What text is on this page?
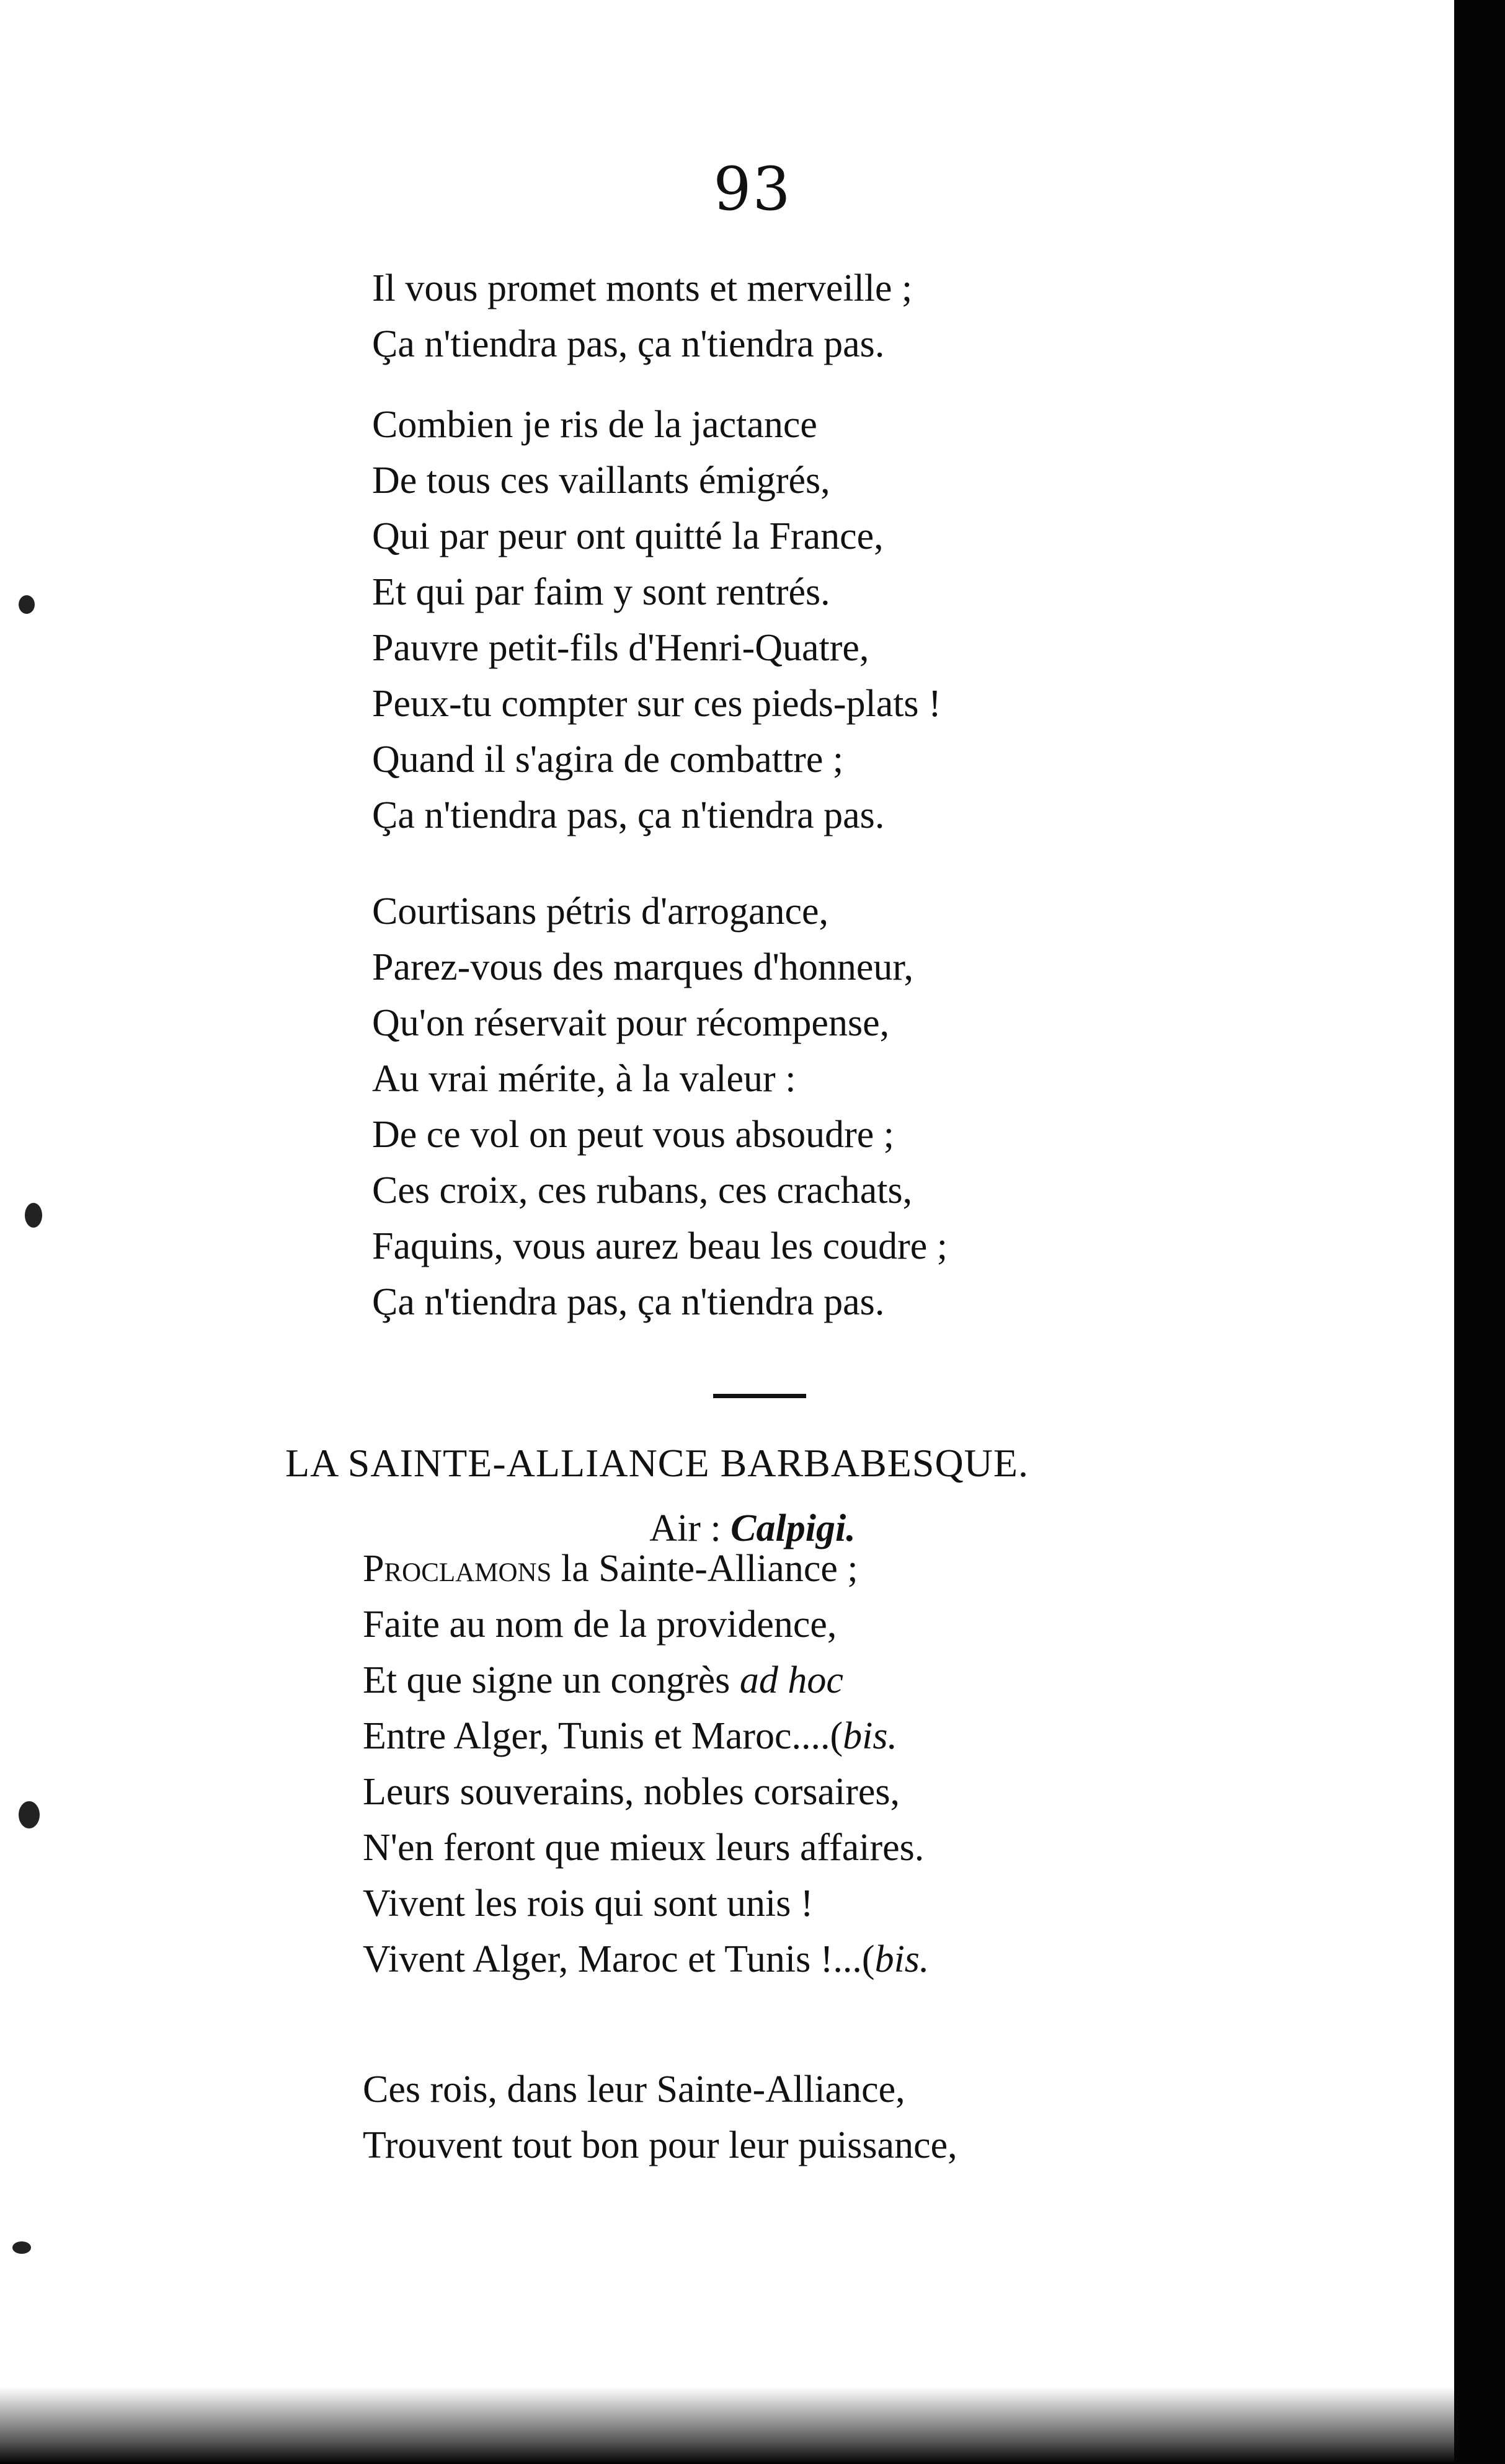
93
Il vous promet monts et merveille ;
Ça n'tiendra pas, ça n'tiendra pas.
Combien je ris de la jactance
De tous ces vaillants émigrés,
Qui par peur ont quitté la France,
Et qui par faim y sont rentrés.
Pauvre petit-fils d'Henri-Quatre,
Peux-tu compter sur ces pieds-plats !
Quand il s'agira de combattre ;
Ça n'tiendra pas, ça n'tiendra pas.
Courtisans pétris d'arrogance,
Parez-vous des marques d'honneur,
Qu'on réservait pour récompense,
Au vrai mérite, à la valeur :
De ce vol on peut vous absoudre ;
Ces croix, ces rubans, ces crachats,
Faquins, vous aurez beau les coudre ;
Ça n'tiendra pas, ça n'tiendra pas.
LA SAINTE-ALLIANCE BARBABESQUE.
Air : Calpigi.
Proclamons la Sainte-Alliance ;
Faite au nom de la providence,
Et que signe un congrès ad hoc
Entre Alger, Tunis et Maroc....(bis.
Leurs souverains, nobles corsaires,
N'en feront que mieux leurs affaires.
Vivent les rois qui sont unis !
Vivent Alger, Maroc et Tunis !...(bis.
Ces rois, dans leur Sainte-Alliance,
Trouvent tout bon pour leur puissance,
